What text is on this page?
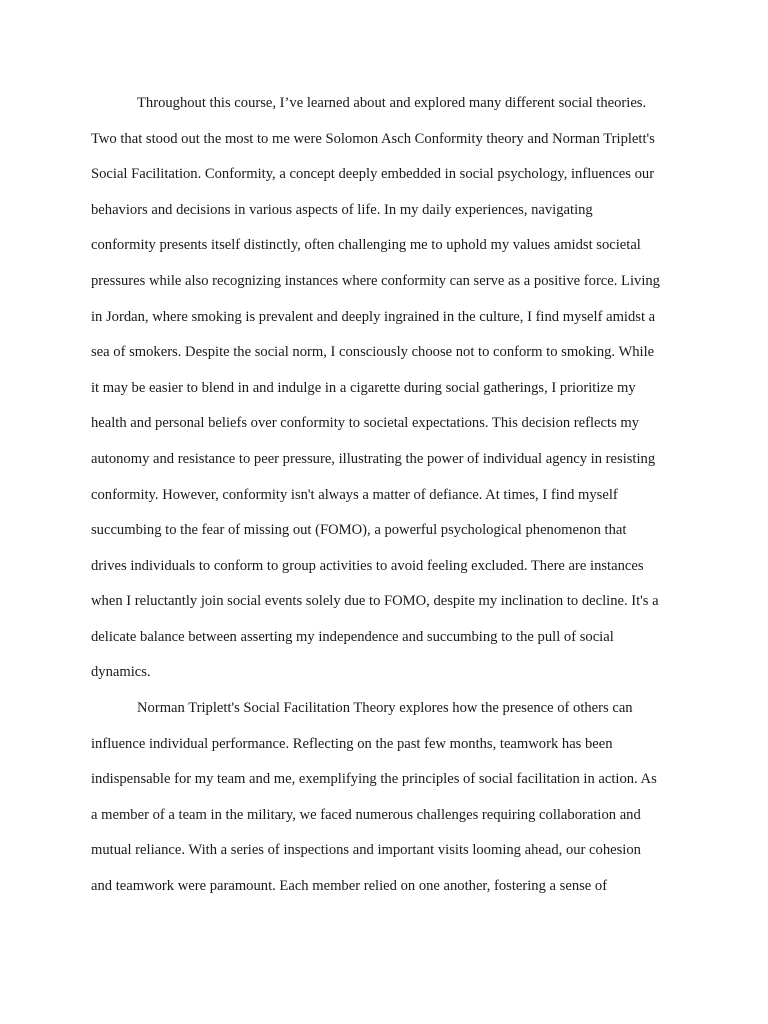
Throughout this course, I’ve learned about and explored many different social theories.

Two that stood out the most to me were Solomon Asch Conformity theory and Norman Triplett's

Social Facilitation. Conformity, a concept deeply embedded in social psychology, influences our

behaviors and decisions in various aspects of life. In my daily experiences, navigating

conformity presents itself distinctly, often challenging me to uphold my values amidst societal

pressures while also recognizing instances where conformity can serve as a positive force. Living

in Jordan, where smoking is prevalent and deeply ingrained in the culture, I find myself amidst a

sea of smokers. Despite the social norm, I consciously choose not to conform to smoking. While

it may be easier to blend in and indulge in a cigarette during social gatherings, I prioritize my

health and personal beliefs over conformity to societal expectations. This decision reflects my

autonomy and resistance to peer pressure, illustrating the power of individual agency in resisting

conformity. However, conformity isn't always a matter of defiance. At times, I find myself

succumbing to the fear of missing out (FOMO), a powerful psychological phenomenon that

drives individuals to conform to group activities to avoid feeling excluded. There are instances

when I reluctantly join social events solely due to FOMO, despite my inclination to decline. It's a

delicate balance between asserting my independence and succumbing to the pull of social

dynamics.

Norman Triplett's Social Facilitation Theory explores how the presence of others can

influence individual performance. Reflecting on the past few months, teamwork has been

indispensable for my team and me, exemplifying the principles of social facilitation in action. As

a member of a team in the military, we faced numerous challenges requiring collaboration and

mutual reliance. With a series of inspections and important visits looming ahead, our cohesion

and teamwork were paramount. Each member relied on one another, fostering a sense of
